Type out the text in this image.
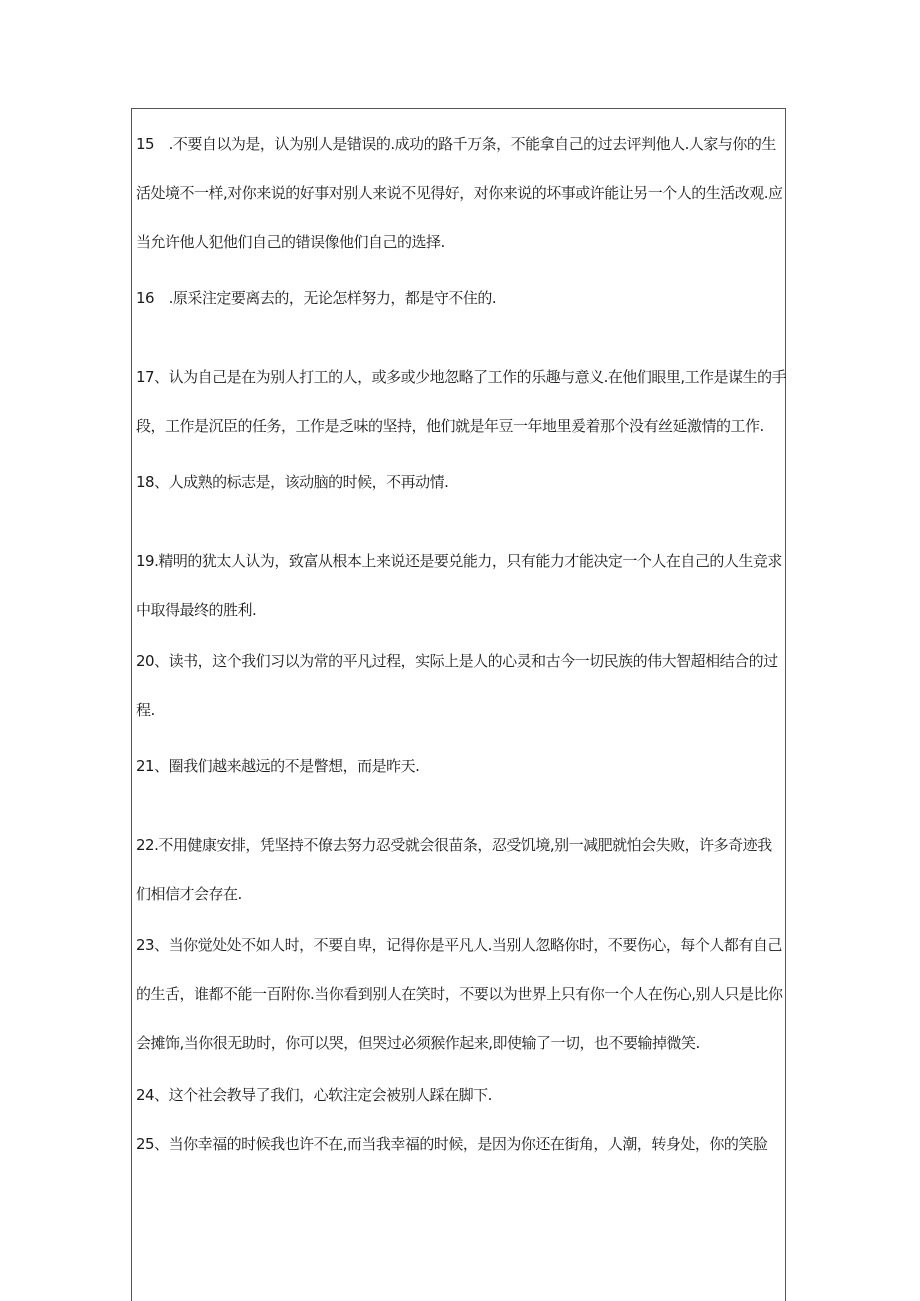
15　.不要自以为是，认为别人是错误的.成功的路千万条，不能拿自己的过去评判他人.人家与你的生
活处境不一样,对你来说的好事对别人来说不见得好，对你来说的坏事或许能让另一个人的生活改观.应
当允许他人犯他们自己的错误像他们自己的选择.
16　.原采注定要离去的，无论怎样努力，都是守不住的.
17、认为自己是在为别人打工的人，或多或少地忽略了工作的乐趣与意义.在他们眼里,工作是谋生的手
段，工作是沉臣的任务，工作是乏味的坚持，他们就是年豆一年地里爰着那个没有丝延激情的工作.
18、人成熟的标志是，该动脑的时候，不再动情.
19.精明的犹太人认为，致富从根本上来说还是要兑能力，只有能力才能决定一个人在自己的人生竞求
中取得最终的胜利.
20、读书，这个我们习以为常的平凡过程，实际上是人的心灵和古今一切民族的伟大智超相结合的过
程.
21、圈我们越来越远的不是瞥想，而是昨天.
22.不用健康安排，凭坚持不僚去努力忍受就会很苗条，忍受饥境,别一减肥就怕会失败，许多奇迹我
们相信才会存在.
23、当你觉处处不如人时，不要自卑，记得你是平凡人.当别人忽略你时，不要伤心，每个人都有自己
的生舌，谁都不能一百附你.当你看到别人在笑时，不要以为世界上只有你一个人在伤心,别人只是比你
会摊饰,当你很无助时，你可以哭，但哭过必须猴作起来,即使输了一切，也不要输掉微笑.
24、这个社会教导了我们，心软注定会被别人踩在脚下.
25、当你幸福的时候我也许不在,而当我幸福的时候，是因为你还在街角，人潮，转身处，你的笑脸
